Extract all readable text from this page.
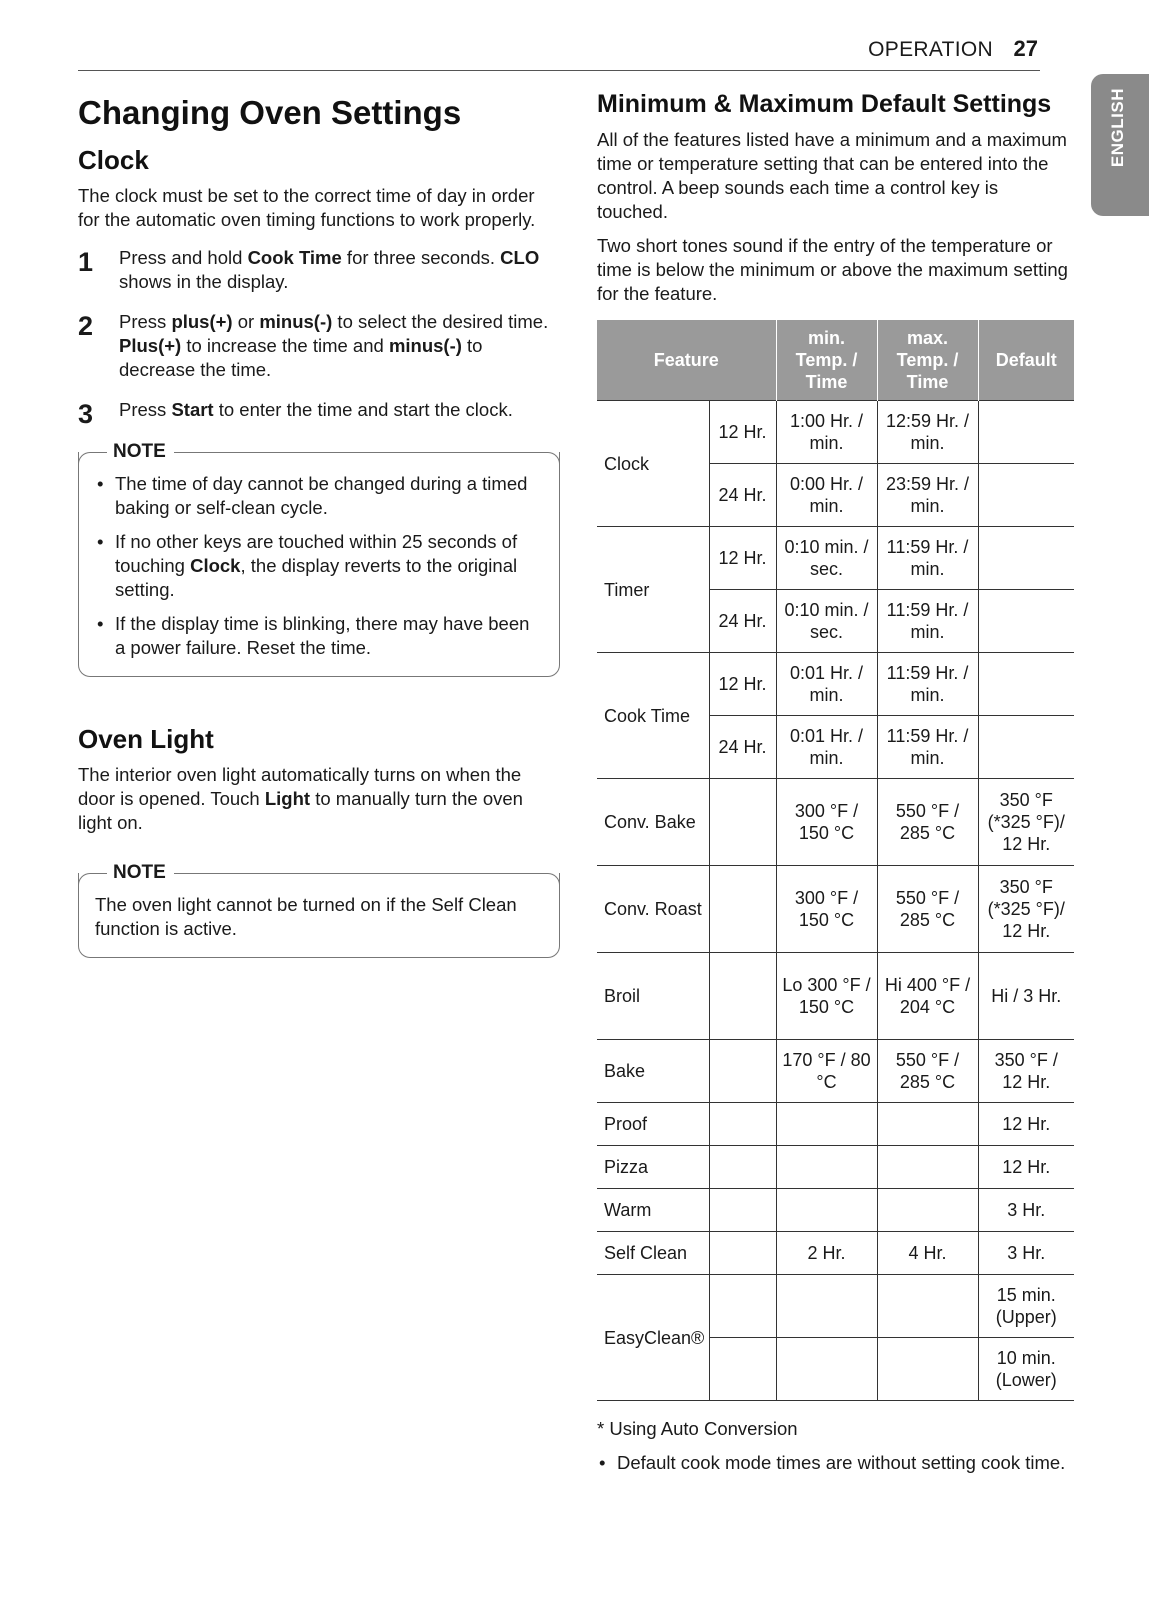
OPERATION 27
ENGLISH
Changing Oven Settings
Clock

The clock must be set to the correct time of day in order for the automatic oven timing functions to work properly.

1 Press and hold Cook Time for three seconds. CLO shows in the display.
2 Press plus(+) or minus(-) to select the desired time. Plus(+) to increase the time and minus(-) to decrease the time.
3 Press Start to enter the time and start the clock.
NOTE
• The time of day cannot be changed during a timed baking or self-clean cycle.
• If no other keys are touched within 25 seconds of touching Clock, the display reverts to the original setting.
• If the display time is blinking, there may have been a power failure. Reset the time.
Oven Light

The interior oven light automatically turns on when the door is opened. Touch Light to manually turn the oven light on.

NOTE
The oven light cannot be turned on if the Self Clean function is active.
Minimum & Maximum Default Settings

All of the features listed have a minimum and a maximum time or temperature setting that can be entered into the control. A beep sounds each time a control key is touched.

Two short tones sound if the entry of the temperature or time is below the minimum or above the maximum setting for the feature.

Feature		min. Temp. / Time	max. Temp. / Time	Default
Clock	12 Hr.	1:00 Hr. / min.	12:59 Hr. / min.	
	24 Hr.	0:00 Hr. / min.	23:59 Hr. / min.	
Timer	12 Hr.	0:10 min. / sec.	11:59 Hr. / min.	
	24 Hr.	0:10 min. / sec.	11:59 Hr. / min.	
Cook Time	12 Hr.	0:01 Hr. / min.	11:59 Hr. / min.	
	24 Hr.	0:01 Hr. / min.	11:59 Hr. / min.	
Conv. Bake		300 °F / 150 °C	550 °F / 285 °C	350 °F (*325 °F)/ 12 Hr.
Conv. Roast		300 °F / 150 °C	550 °F / 285 °C	350 °F (*325 °F)/ 12 Hr.
Broil		Lo 300 °F / 150 °C	Hi 400 °F / 204 °C	Hi / 3 Hr.
Bake		170 °F / 80 °C	550 °F / 285 °C	350 °F / 12 Hr.
Proof				12 Hr.
Pizza				12 Hr.
Warm				3 Hr.
Self Clean		2 Hr.	4 Hr.	3 Hr.
EasyClean®				15 min. (Upper)
				10 min. (Lower)

* Using Auto Conversion

• Default cook mode times are without setting cook time.
